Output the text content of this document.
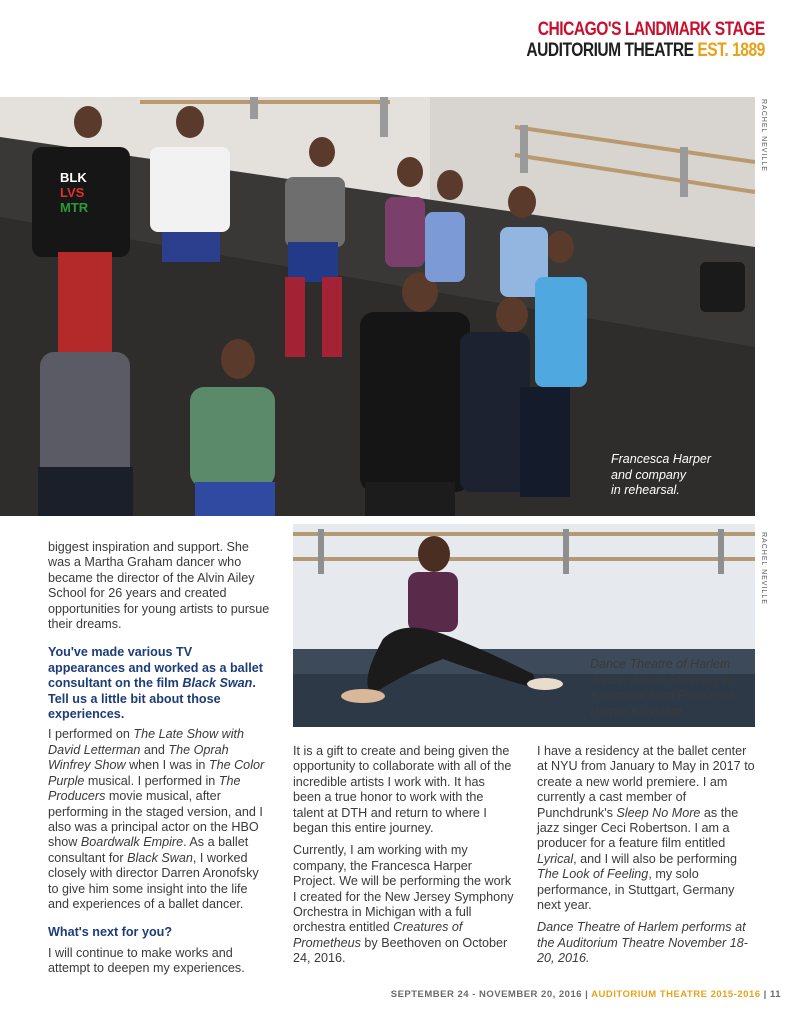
CHICAGO'S LANDMARK STAGE
AUDITORIUM THEATRE EST. 1889
BLK
LVS
MTR
Francesca Harper
and company
in rehearsal.
RACHEL NEVILLE
Dance Theatre of Harlem
dancer Alison Stroming in
a moment from Francesca
Harper's System.
RACHEL NEVILLE

biggest inspiration and support. She was a Martha Graham dancer who became the director of the Alvin Ailey School for 26 years and created opportunities for young artists to pursue their dreams.

You've made various TV appearances and worked as a ballet consultant on the film Black Swan. Tell us a little bit about those experiences.

I performed on The Late Show with David Letterman and The Oprah Winfrey Show when I was in The Color Purple musical. I performed in The Producers movie musical, after performing in the staged version, and I also was a principal actor on the HBO show Boardwalk Empire. As a ballet consultant for Black Swan, I worked closely with director Darren Aronofsky to give him some insight into the life and experiences of a ballet dancer.

What's next for you?

I will continue to make works and attempt to deepen my experiences.

It is a gift to create and being given the opportunity to collaborate with all of the incredible artists I work with. It has been a true honor to work with the talent at DTH and return to where I began this entire journey.

Currently, I am working with my company, the Francesca Harper Project. We will be performing the work I created for the New Jersey Symphony Orchestra in Michigan with a full orchestra entitled Creatures of Prometheus by Beethoven on October 24, 2016.

I have a residency at the ballet center at NYU from January to May in 2017 to create a new world premiere. I am currently a cast member of Punchdrunk's Sleep No More as the jazz singer Ceci Robertson. I am a producer for a feature film entitled Lyrical, and I will also be performing The Look of Feeling, my solo performance, in Stuttgart, Germany next year.

Dance Theatre of Harlem performs at the Auditorium Theatre November 18-20, 2016.

SEPTEMBER 24 - NOVEMBER 20, 2016 | AUDITORIUM THEATRE 2015-2016 | 11
